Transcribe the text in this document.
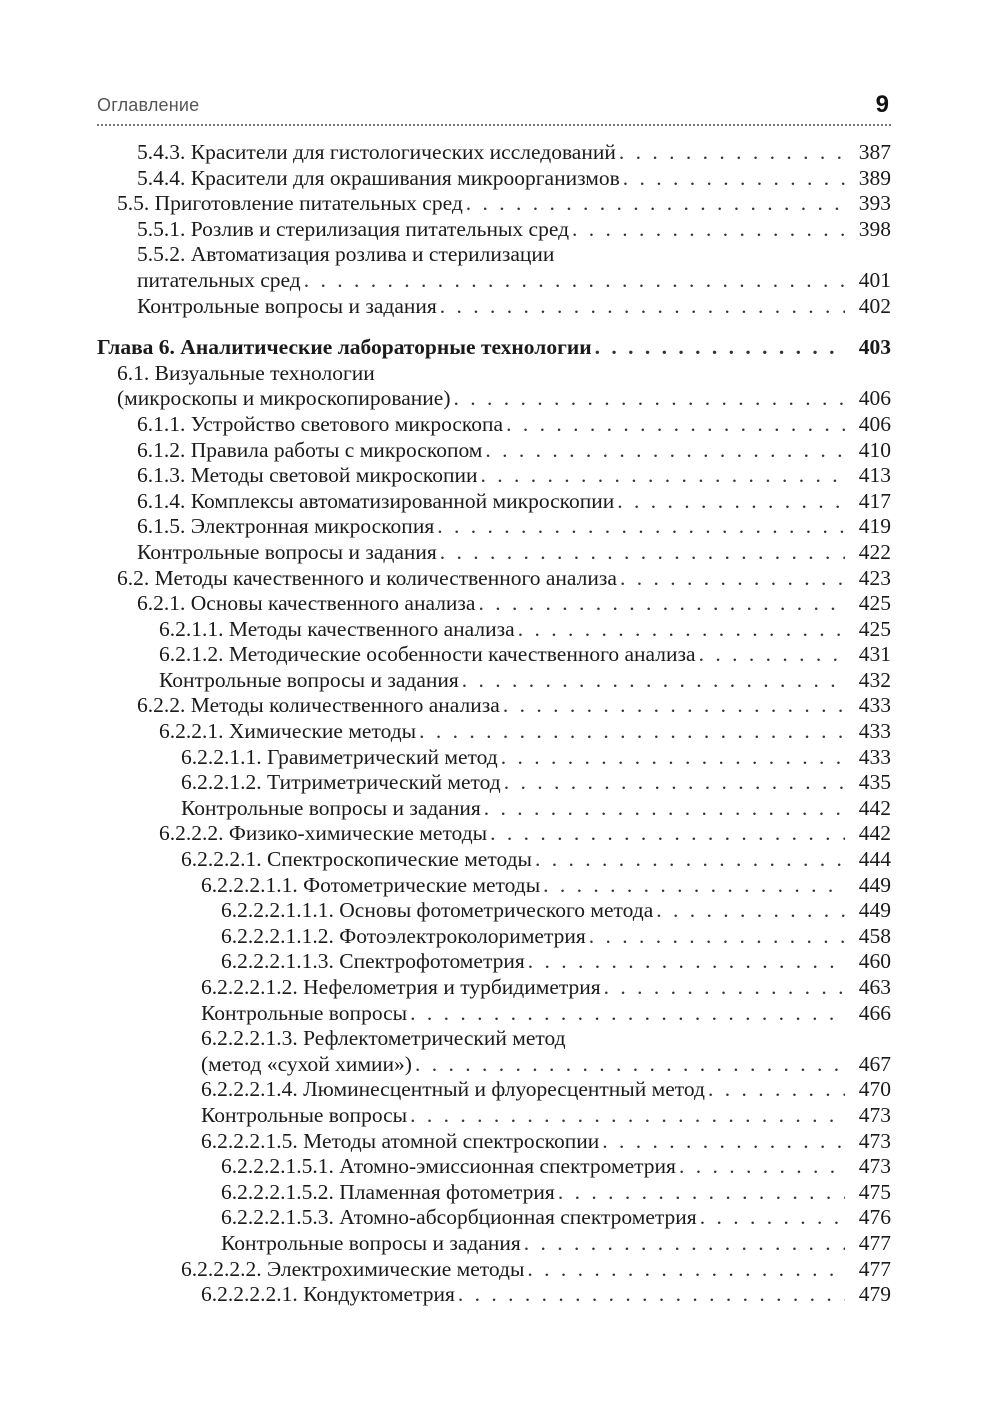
Оглавление	9
5.4.3. Красители для гистологических исследований . . .	387
5.4.4. Красители для окрашивания микроорганизмов . . .	389
5.5. Приготовление питательных сред . . .	393
5.5.1. Розлив и стерилизация питательных сред . . .	398
5.5.2. Автоматизация розлива и стерилизации
питательных сред . . .	401
Контрольные вопросы и задания . . .	402
Глава 6. Аналитические лабораторные технологии . . .	403
6.1. Визуальные технологии
(микроскопы и микроскопирование) . . .	406
6.1.1. Устройство светового микроскопа . . .	406
6.1.2. Правила работы с микроскопом . . .	410
6.1.3. Методы световой микроскопии . . .	413
6.1.4. Комплексы автоматизированной микроскопии . . .	417
6.1.5. Электронная микроскопия . . .	419
Контрольные вопросы и задания . . .	422
6.2. Методы качественного и количественного анализа . . .	423
6.2.1. Основы качественного анализа . . .	425
6.2.1.1. Методы качественного анализа . . .	425
6.2.1.2. Методические особенности качественного анализа . . .	431
Контрольные вопросы и задания . . .	432
6.2.2. Методы количественного анализа . . .	433
6.2.2.1. Химические методы . . .	433
6.2.2.1.1. Гравиметрический метод . . .	433
6.2.2.1.2. Титриметрический метод . . .	435
Контрольные вопросы и задания . . .	442
6.2.2.2. Физико-химические методы . . .	442
6.2.2.2.1. Спектроскопические методы . . .	444
6.2.2.2.1.1. Фотометрические методы . . .	449
6.2.2.2.1.1.1. Основы фотометрического метода . . .	449
6.2.2.2.1.1.2. Фотоэлектроколориметрия . . .	458
6.2.2.2.1.1.3. Спектрофотометрия . . .	460
6.2.2.2.1.2. Нефелометрия и турбидиметрия . . .	463
Контрольные вопросы . . .	466
6.2.2.2.1.3. Рефлектометрический метод
(метод «сухой химии») . . .	467
6.2.2.2.1.4. Люминесцентный и флуоресцентный метод . . .	470
Контрольные вопросы . . .	473
6.2.2.2.1.5. Методы атомной спектроскопии . . .	473
6.2.2.2.1.5.1. Атомно-эмиссионная спектрометрия . . .	473
6.2.2.2.1.5.2. Пламенная фотометрия . . .	475
6.2.2.2.1.5.3. Атомно-абсорбционная спектрометрия . . .	476
Контрольные вопросы и задания . . .	477
6.2.2.2.2. Электрохимические методы . . .	477
6.2.2.2.2.1. Кондуктометрия . . .	479
